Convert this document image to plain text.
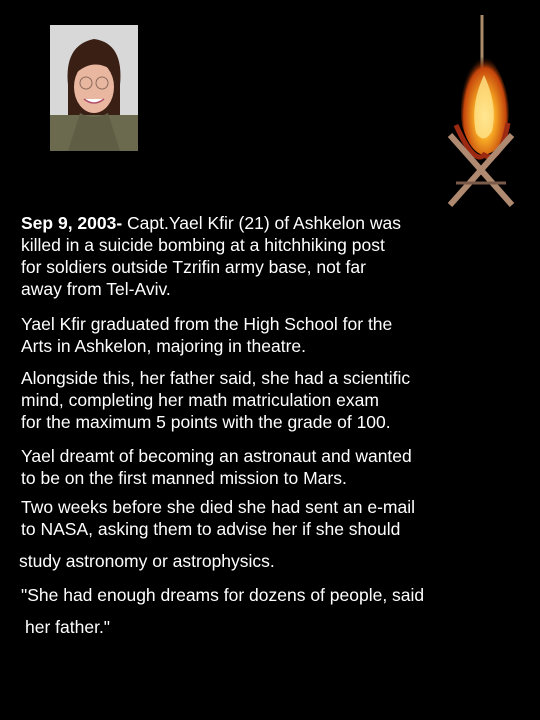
Sep 9, 2003- Capt.Yael Kfir (21) of Ashkelon was
killed in a suicide bombing at a hitchhiking post
for soldiers outside Tzrifin army base, not far
away from Tel-Aviv.
Yael Kfir graduated from the High School for the
Arts in Ashkelon, majoring in theatre.
Alongside this, her father said, she had a scientific
mind, completing her math matriculation exam
for the maximum 5 points with the grade of 100.
Yael dreamt of becoming an astronaut and wanted
to be on the first manned mission to Mars.
Two weeks before she died she had sent an e-mail
to NASA, asking them to advise her if she should
study astronomy or astrophysics.
"She had enough dreams for dozens of people, said
her father."
